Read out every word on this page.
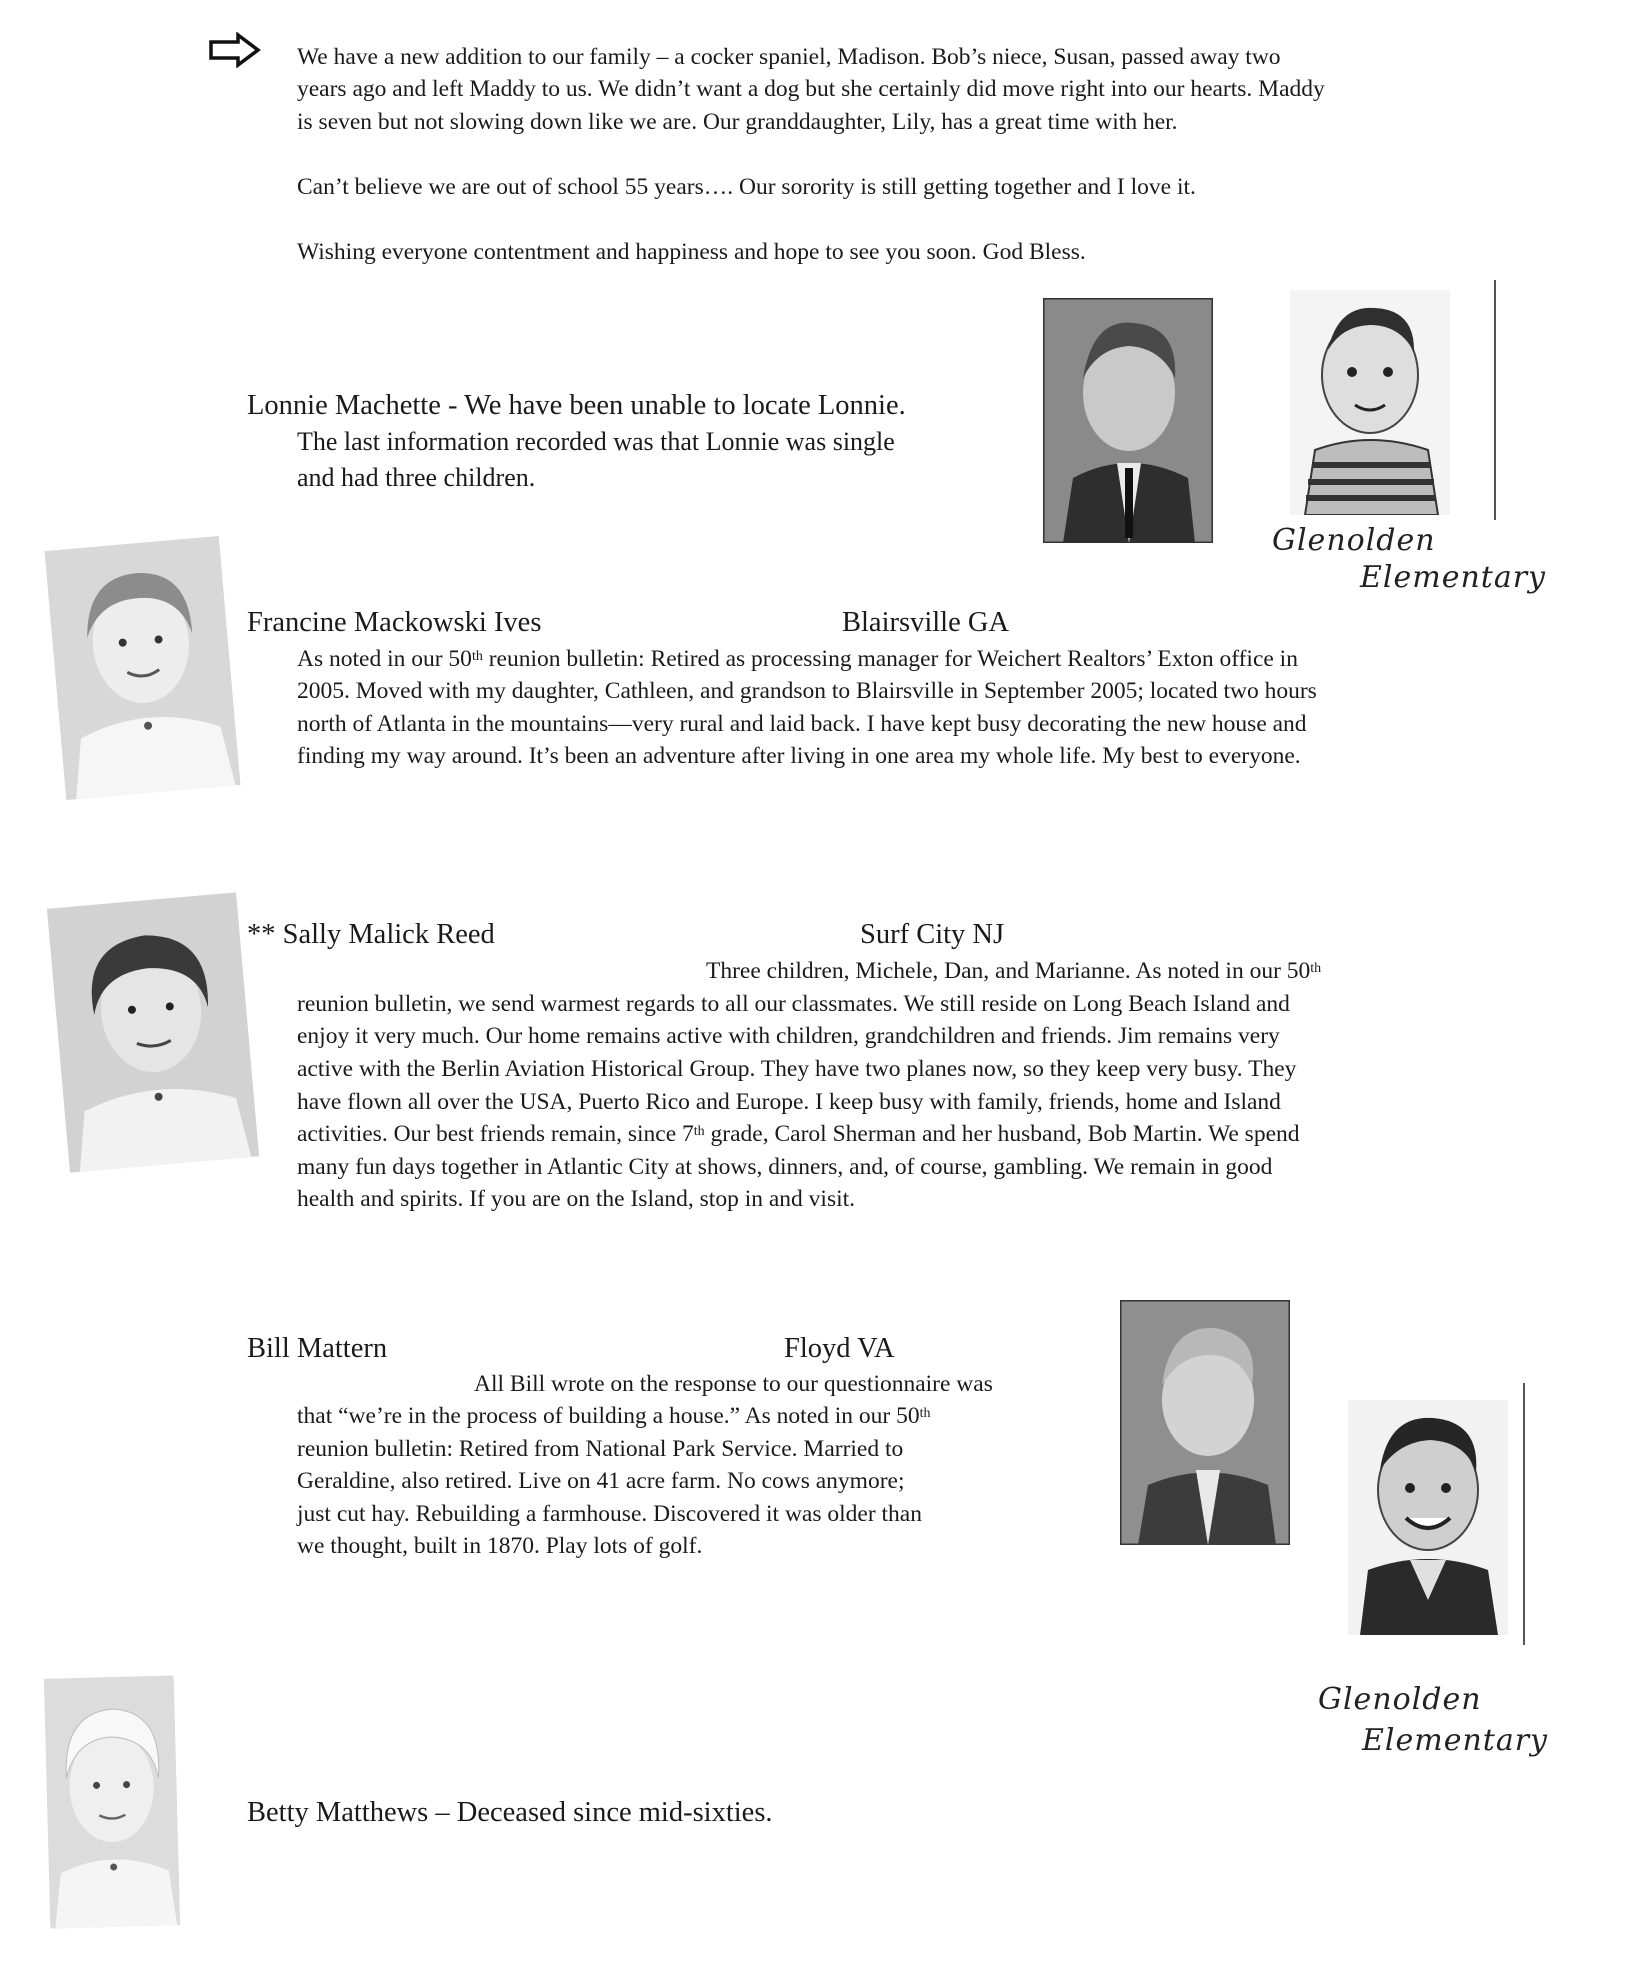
We have a new addition to our family – a cocker spaniel, Madison. Bob’s niece, Susan, passed away two
years ago and left Maddy to us. We didn’t want a dog but she certainly did move right into our hearts. Maddy
is seven but not slowing down like we are. Our granddaughter, Lily, has a great time with her.
Can’t believe we are out of school 55 years…. Our sorority is still getting together and I love it.
Wishing everyone contentment and happiness and hope to see you soon. God Bless.
Lonnie Machette - We have been unable to locate Lonnie.
The last information recorded was that Lonnie was single
and had three children.
Glenolden
Elementary
Francine Mackowski Ives	Blairsville GA
As noted in our 50th reunion bulletin: Retired as processing manager for Weichert Realtors’ Exton office in
2005. Moved with my daughter, Cathleen, and grandson to Blairsville in September 2005; located two hours
north of Atlanta in the mountains—very rural and laid back. I have kept busy decorating the new house and
finding my way around. It’s been an adventure after living in one area my whole life. My best to everyone.
** Sally Malick Reed	Surf City NJ
Three children, Michele, Dan, and Marianne. As noted in our 50th
reunion bulletin, we send warmest regards to all our classmates. We still reside on Long Beach Island and
enjoy it very much. Our home remains active with children, grandchildren and friends. Jim remains very
active with the Berlin Aviation Historical Group. They have two planes now, so they keep very busy. They
have flown all over the USA, Puerto Rico and Europe. I keep busy with family, friends, home and Island
activities. Our best friends remain, since 7th grade, Carol Sherman and her husband, Bob Martin. We spend
many fun days together in Atlantic City at shows, dinners, and, of course, gambling. We remain in good
health and spirits. If you are on the Island, stop in and visit.
Bill Mattern	Floyd VA
All Bill wrote on the response to our questionnaire was
that “we’re in the process of building a house.” As noted in our 50th
reunion bulletin: Retired from National Park Service. Married to
Geraldine, also retired. Live on 41 acre farm. No cows anymore;
just cut hay. Rebuilding a farmhouse. Discovered it was older than
we thought, built in 1870. Play lots of golf.
Glenolden
Elementary
Betty Matthews – Deceased since mid-sixties.
